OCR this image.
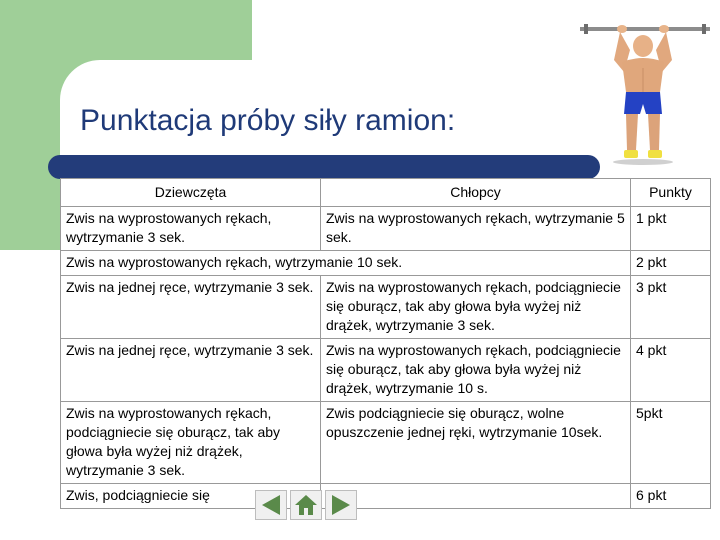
Punktacja próby siły ramion:
Dziewczęta	Chłopcy	Punkty
Zwis na wyprostowanych rękach, wytrzymanie 3 sek.	Zwis na wyprostowanych rękach, wytrzymanie 5 sek.	1 pkt
Zwis na wyprostowanych rękach, wytrzymanie 10 sek.		2 pkt
Zwis na jednej ręce, wytrzymanie 3 sek.	Zwis na wyprostowanych rękach, podciągniecie się oburącz, tak aby głowa była wyżej niż drążek, wytrzymanie 3 sek.	3 pkt
Zwis na jednej ręce, wytrzymanie 3 sek.	Zwis na wyprostowanych rękach, podciągniecie się oburącz, tak aby głowa była wyżej niż drążek, wytrzymanie 10 s.	4 pkt
Zwis na wyprostowanych rękach, podciągniecie się oburącz, tak aby głowa była wyżej niż drążek, wytrzymanie 3 sek.	Zwis podciągniecie się oburącz, wolne opuszczenie jednej ręki, wytrzymanie 10sek.	5pkt
Zwis, podciągniecie się		6 pkt
